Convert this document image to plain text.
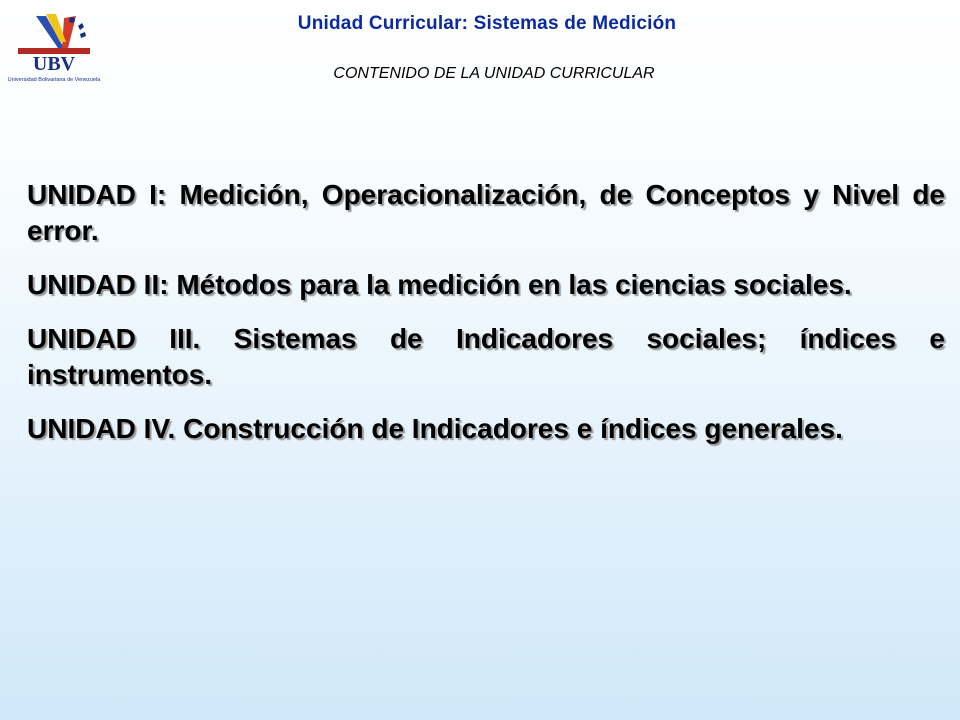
UBV
Universidad Bolivariana de Venezuela
Unidad Curricular: Sistemas de Medición
CONTENIDO DE LA UNIDAD CURRICULAR

UNIDAD I: Medición, Operacionalización, de Conceptos y Nivel de error.

UNIDAD II: Métodos para la medición en las ciencias sociales.

UNIDAD III. Sistemas de Indicadores sociales; índices e instrumentos.

UNIDAD IV. Construcción de Indicadores e índices generales.
